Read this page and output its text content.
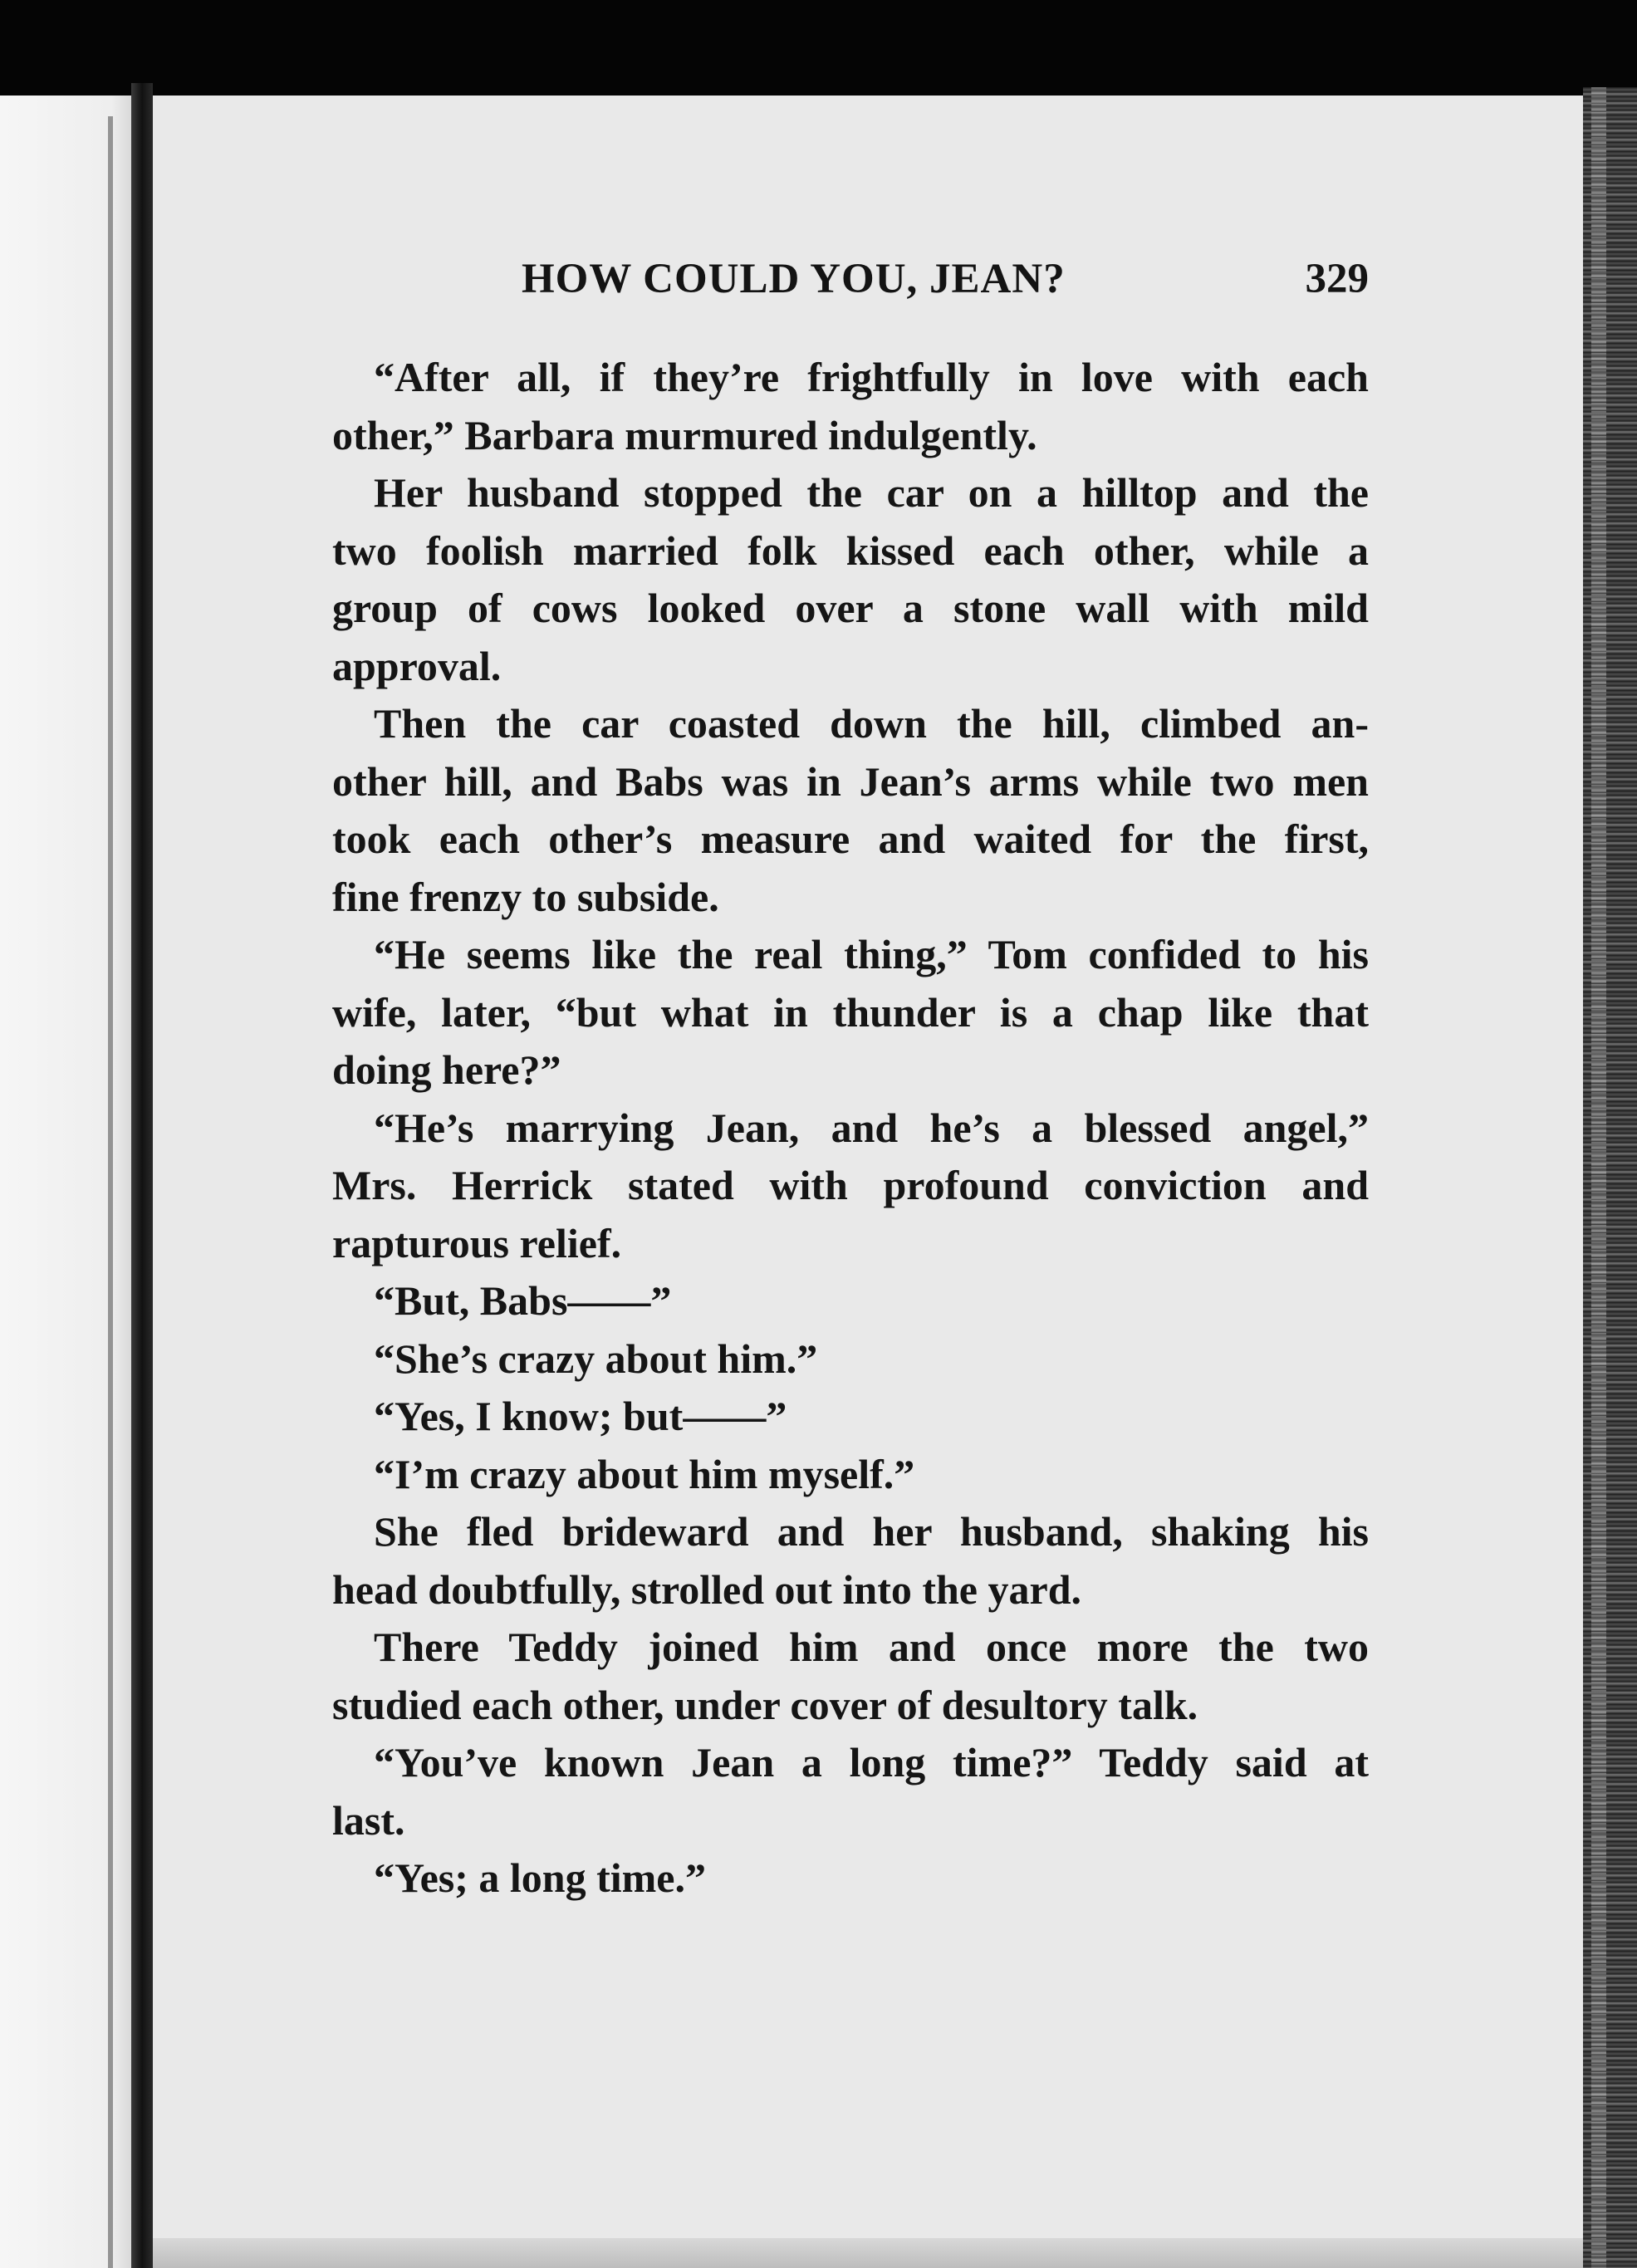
HOW COULD YOU, JEAN?	329
“After all, if they’re frightfully in love with each
other,” Barbara murmured indulgently.
Her husband stopped the car on a hilltop and the
two foolish married folk kissed each other, while a
group of cows looked over a stone wall with mild
approval.
Then the car coasted down the hill, climbed an-
other hill, and Babs was in Jean’s arms while two men
took each other’s measure and waited for the first,
fine frenzy to subside.
“He seems like the real thing,” Tom confided to his
wife, later, “but what in thunder is a chap like that
doing here?”
“He’s marrying Jean, and he’s a blessed angel,”
Mrs. Herrick stated with profound conviction and
rapturous relief.
“But, Babs——”
“She’s crazy about him.”
“Yes, I know; but——”
“I’m crazy about him myself.”
She fled brideward and her husband, shaking his
head doubtfully, strolled out into the yard.
There Teddy joined him and once more the two
studied each other, under cover of desultory talk.
“You’ve known Jean a long time?” Teddy said at
last.
“Yes; a long time.”
